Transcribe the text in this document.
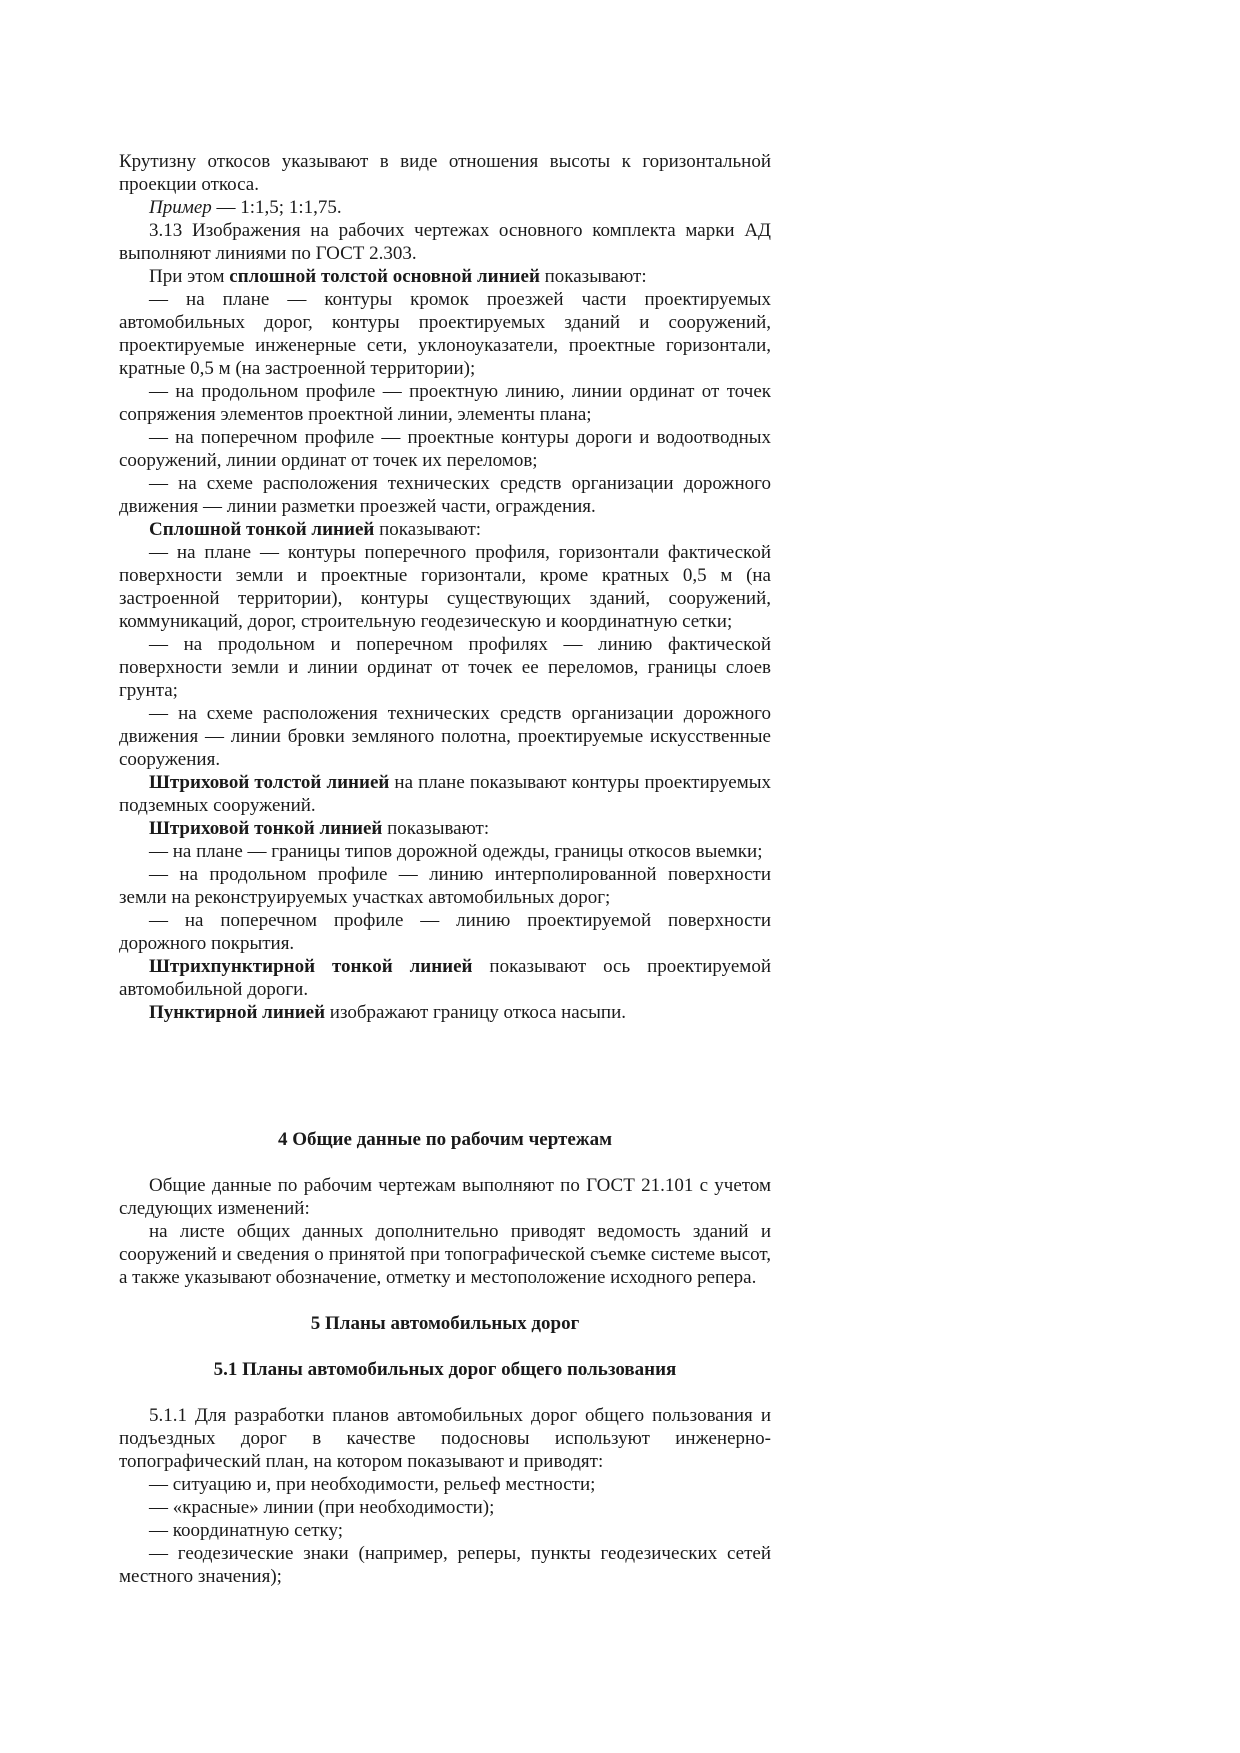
Крутизну откосов указывают в виде отношения высоты к горизонтальной проекции откоса.

Пример — 1:1,5; 1:1,75.

3.13 Изображения на рабочих чертежах основного комплекта марки АД выполняют линиями по ГОСТ 2.303.

При этом сплошной толстой основной линией показывают:

— на плане — контуры кромок проезжей части проектируемых автомобильных дорог, контуры проектируемых зданий и сооружений, проектируемые инженерные сети, уклоноуказатели, проектные горизонтали, кратные 0,5 м (на застроенной территории);

— на продольном профиле — проектную линию, линии ординат от точек сопряжения элементов проектной линии, элементы плана;

— на поперечном профиле — проектные контуры дороги и водоотводных сооружений, линии ординат от точек их переломов;

— на схеме расположения технических средств организации дорожного движения — линии разметки проезжей части, ограждения.

Сплошной тонкой линией показывают:

— на плане — контуры поперечного профиля, горизонтали фактической поверхности земли и проектные горизонтали, кроме кратных 0,5 м (на застроенной территории), контуры существующих зданий, сооружений, коммуникаций, дорог, строительную геодезическую и координатную сетки;

— на продольном и поперечном профилях — линию фактической поверхности земли и линии ординат от точек ее переломов, границы слоев грунта;

— на схеме расположения технических средств организации дорожного движения — линии бровки земляного полотна, проектируемые искусственные сооружения.

Штриховой толстой линией на плане показывают контуры проектируемых подземных сооружений.

Штриховой тонкой линией показывают:

— на плане — границы типов дорожной одежды, границы откосов выемки;

— на продольном профиле — линию интерполированной поверхности земли на реконструируемых участках автомобильных дорог;

— на поперечном профиле — линию проектируемой поверхности дорожного покрытия.

Штрихпунктирной тонкой линией показывают ось проектируемой автомобильной дороги.

Пунктирной линией изображают границу откоса насыпи.

4 Общие данные по рабочим чертежам

Общие данные по рабочим чертежам выполняют по ГОСТ 21.101 с учетом следующих изменений:

на листе общих данных дополнительно приводят ведомость зданий и сооружений и сведения о принятой при топографической съемке системе высот, а также указывают обозначение, отметку и местоположение исходного репера.

5 Планы автомобильных дорог
5.1 Планы автомобильных дорог общего пользования

5.1.1 Для разработки планов автомобильных дорог общего пользования и подъездных дорог в качестве подосновы используют инженерно-топографический план, на котором показывают и приводят:

— ситуацию и, при необходимости, рельеф местности;

— «красные» линии (при необходимости);

— координатную сетку;

— геодезические знаки (например, реперы, пункты геодезических сетей местного значения);
